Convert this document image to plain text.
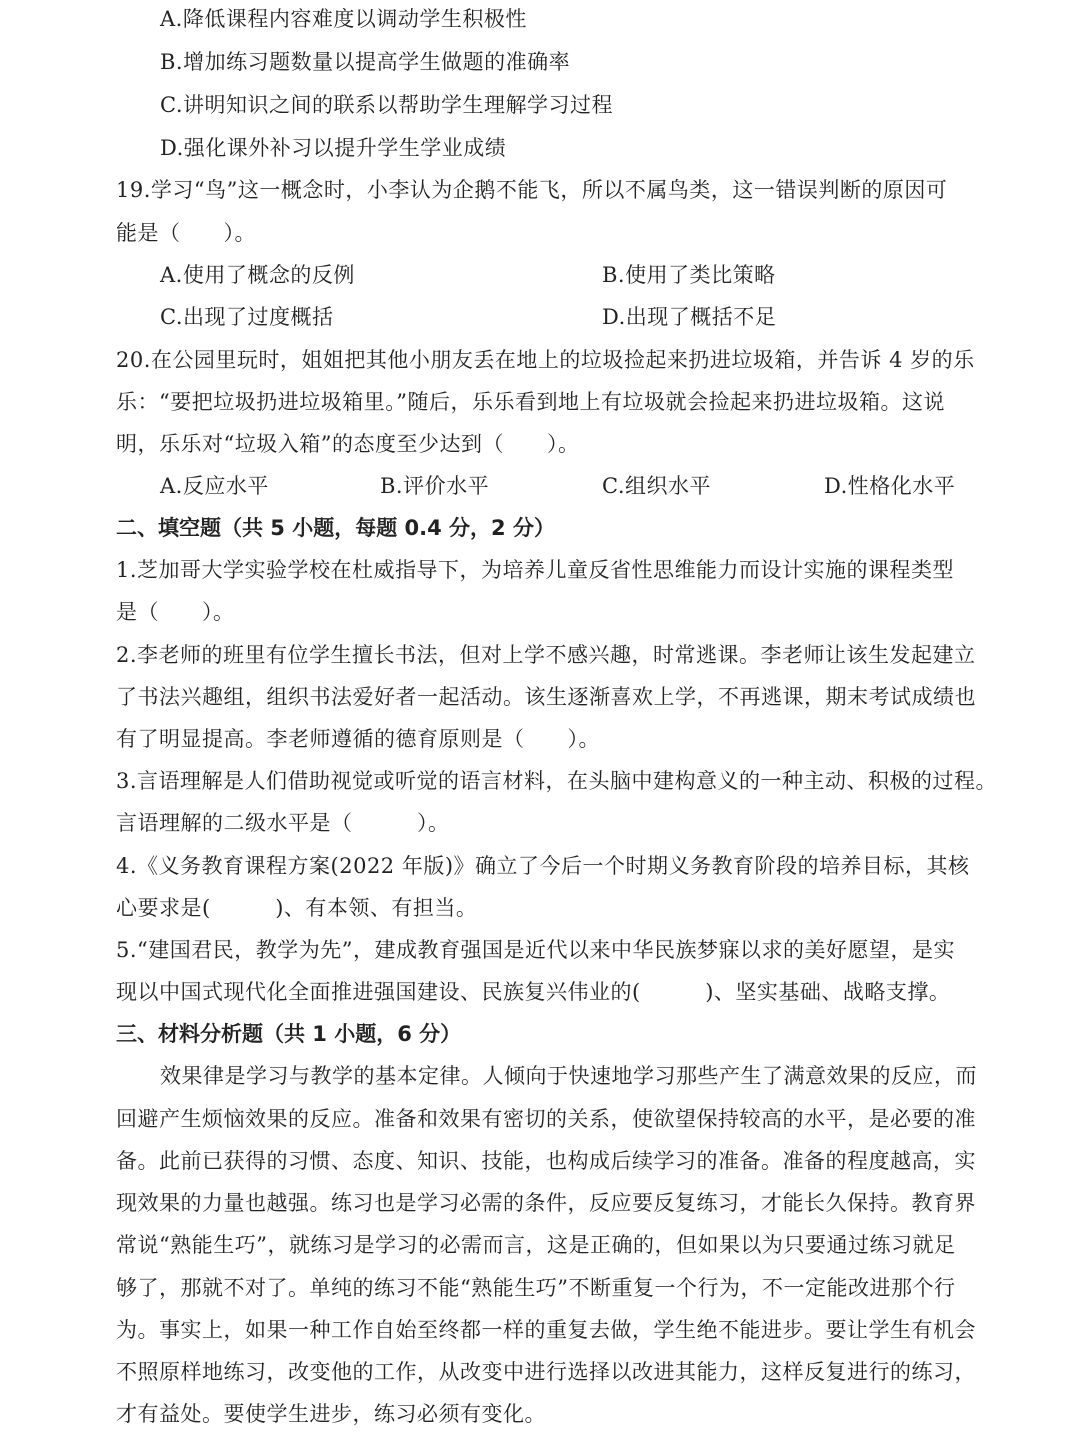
A.降低课程内容难度以调动学生积极性
B.增加练习题数量以提高学生做题的准确率
C.讲明知识之间的联系以帮助学生理解学习过程
D.强化课外补习以提升学生学业成绩
19.学习“鸟”这一概念时，小李认为企鹅不能飞，所以不属鸟类，这一错误判断的原因可
能是（　　）。
A.使用了概念的反例	B.使用了类比策略
C.出现了过度概括	D.出现了概括不足
20.在公园里玩时，姐姐把其他小朋友丢在地上的垃圾捡起来扔进垃圾箱，并告诉 4 岁的乐
乐：“要把垃圾扔进垃圾箱里。”随后，乐乐看到地上有垃圾就会捡起来扔进垃圾箱。这说
明，乐乐对“垃圾入箱”的态度至少达到（　　）。
A.反应水平	B.评价水平	C.组织水平	D.性格化水平
二、填空题（共 5 小题，每题 0.4 分，2 分）
1.芝加哥大学实验学校在杜威指导下，为培养儿童反省性思维能力而设计实施的课程类型
是（　　）。
2.李老师的班里有位学生擅长书法，但对上学不感兴趣，时常逃课。李老师让该生发起建立
了书法兴趣组，组织书法爱好者一起活动。该生逐渐喜欢上学，不再逃课，期末考试成绩也
有了明显提高。李老师遵循的德育原则是（　　）。
3.言语理解是人们借助视觉或听觉的语言材料，在头脑中建构意义的一种主动、积极的过程。
言语理解的二级水平是（　　　）。
4.《义务教育课程方案(2022 年版)》确立了今后一个时期义务教育阶段的培养目标，其核
心要求是(　　　)、有本领、有担当。
5.“建国君民，教学为先”，建成教育强国是近代以来中华民族梦寐以求的美好愿望，是实
现以中国式现代化全面推进强国建设、民族复兴伟业的(　　　)、坚实基础、战略支撑。
三、材料分析题（共 1 小题，6 分）
效果律是学习与教学的基本定律。人倾向于快速地学习那些产生了满意效果的反应，而
回避产生烦恼效果的反应。准备和效果有密切的关系，使欲望保持较高的水平，是必要的准
备。此前已获得的习惯、态度、知识、技能，也构成后续学习的准备。准备的程度越高，实
现效果的力量也越强。练习也是学习必需的条件，反应要反复练习，才能长久保持。教育界
常说“熟能生巧”，就练习是学习的必需而言，这是正确的，但如果以为只要通过练习就足
够了，那就不对了。单纯的练习不能“熟能生巧”不断重复一个行为，不一定能改进那个行
为。事实上，如果一种工作自始至终都一样的重复去做，学生绝不能进步。要让学生有机会
不照原样地练习，改变他的工作，从改变中进行选择以改进其能力，这样反复进行的练习，
才有益处。要使学生进步，练习必须有变化。
